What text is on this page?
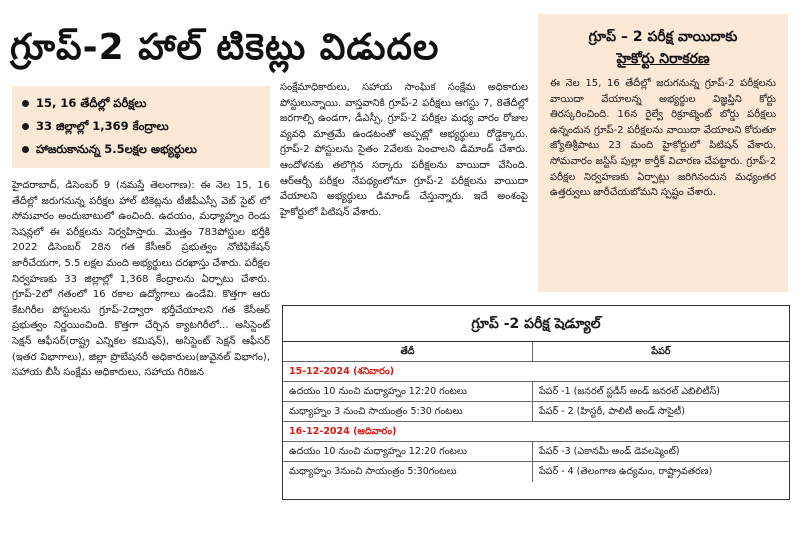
గ్రూప్-2 హాల్ టికెట్లు విడుదల
15, 16 తేదీల్లో పరీక్షలు
33 జిల్లాల్లో 1,369 కేంద్రాలు
హాజరుకానున్న 5.5లక్షల అభ్యర్థులు

హైదరాబాద్, డిసెంబర్ 9 (నమస్తే తెలంగాణ): ఈ నెల 15, 16 తేదీల్లో జరుగనున్న పరీక్షల హాల్ టికెట్లను టీజీపీఎస్సీ వెబ్ సైట్ లో సోమవారం అందుబాటులో ఉంచింది. ఉదయం, మధ్యాహ్నం రెండు సెషన్లలో ఈ పరీక్షలను నిర్వహిస్తారు. మొత్తం 783పోస్టుల భర్తీకి 2022 డిసెంబర్ 28న గత కేసీఆర్ ప్రభుత్వం నోటిఫికేషన్ జారీచేయగా, 5.5 లక్షల మంది అభ్యర్థులు దరఖాస్తు చేశారు. పరీక్షల నిర్వహణకు 33 జిల్లాల్లో 1,368 కేంద్రాలను ఏర్పాటు చేశారు. గ్రూప్-2లో గతంలో 16 రకాల ఉద్యోగాలు ఉండేవి. కొత్తగా ఆరు కేటగిరీల పోస్టులను గ్రూప్-2ద్వారా భర్తీచేయాలని గత కేసీఆర్ ప్రభుత్వం నిర్ణయించింది. కొత్తగా చేర్చిన క్యాటగిరీలో... అసిస్టెంట్ సెక్షన్ ఆఫీసర్(రాష్ట్ర ఎన్నికల కమిషన్), అసిస్టెంట్ సెక్షన్ ఆఫీసర్ (ఇతర విభాగాలు), జిల్లా ప్రొబేషనరీ అధికారులు(జువైనల్ విభాగం), సహాయ బీసీ సంక్షేమ అధికారులు, సహాయ గిరిజన

సంక్షేమాధికారులు, సహాయ సాంఘిక సంక్షేమ అధికారుల పోస్టులున్నాయి. వాస్తవానికి గ్రూప్-2 పరీక్షలు ఆగస్టు 7, 8తేదీల్లో జరగాల్సి ఉండగా, డీఎస్సీ, గ్రూప్-2 పరీక్షల మధ్య వారం రోజుల వ్యవధి మాత్రమే ఉండటంతో అప్పట్లో అభ్యర్థులు రోడ్డెక్కారు. గ్రూప్-2 పోస్టులను సైతం 2వేలకు పెంచాలని డిమాండ్ చేశారు. ఆందోళనకు తలొగ్గిన సర్కారు పరీక్షలను వాయిదా వేసింది. ఆర్ఆర్బీ పరీక్షల నేపథ్యంలోనూ గ్రూప్-2 పరీక్షలను వాయిదా వేయాలని అభ్యర్థులు డిమాండ్ చేస్తున్నారు. ఇదే అంశంపై హైకోర్టులో పిటిషన్ వేశారు.

గ్రూప్ – 2 పరీక్ష వాయిదాకు
హైకోర్టు నిరాకరణ

ఈ నెల 15, 16 తేదీల్లో జరుగనున్న గ్రూప్-2 పరీక్షలను వాయిదా వేయాలన్న అభ్యర్థుల విజ్ఞప్తిని కోర్టు తిరస్కరించింది. 16న రైల్వే రిక్రూట్మెంట్ బోర్డు పరీక్షలు ఉన్నందున గ్రూప్-2 పరీక్షలను వాయిదా వేయాలని కోరుతూ జ్యోతిశ్రీపాటు 23 మంది హైకోర్టులో పిటిషన్ వేశారు. సోమవారం జస్టిస్ పుల్లా కార్తీక్ విచారణ చేపట్టారు. గ్రూప్-2 పరీక్షల నిర్వహణకు ఏర్పాట్లు జరిగినందున మధ్యంతర ఉత్తర్వులు జారీచేయబోమని స్పష్టం చేశారు.

గ్రూప్ -2 పరీక్ష షెడ్యూల్
తేదీ	పేపర్
15-12-2024 (శనివారం)
ఉదయం 10 నుంచి మధ్యాహ్నం 12:20 గంటలు	పేపర్ -1 (జనరల్ స్టడీస్ అండ్ జనరల్ ఎబిలిటీస్)
మధ్యాహ్నం 3 నుంచి సాయంత్రం 5:30 గంటలు	పేపర్ - 2 (హిస్టరీ, పాలిటీ అండ్ సొసైటీ)
16-12-2024 (ఆదివారం)
ఉదయం 10 నుంచి మధ్యాహ్నం 12:20 గంటలు	పేపర్ -3 (ఎకానమీ అండ్ డెవలప్మెంట్)
మధ్యాహ్నం 3నుంచి సాయంత్రం 5:30గంటలు	పేపర్ - 4 (తెలంగాణ ఉద్యమం, రాష్ట్రావతరణ)
